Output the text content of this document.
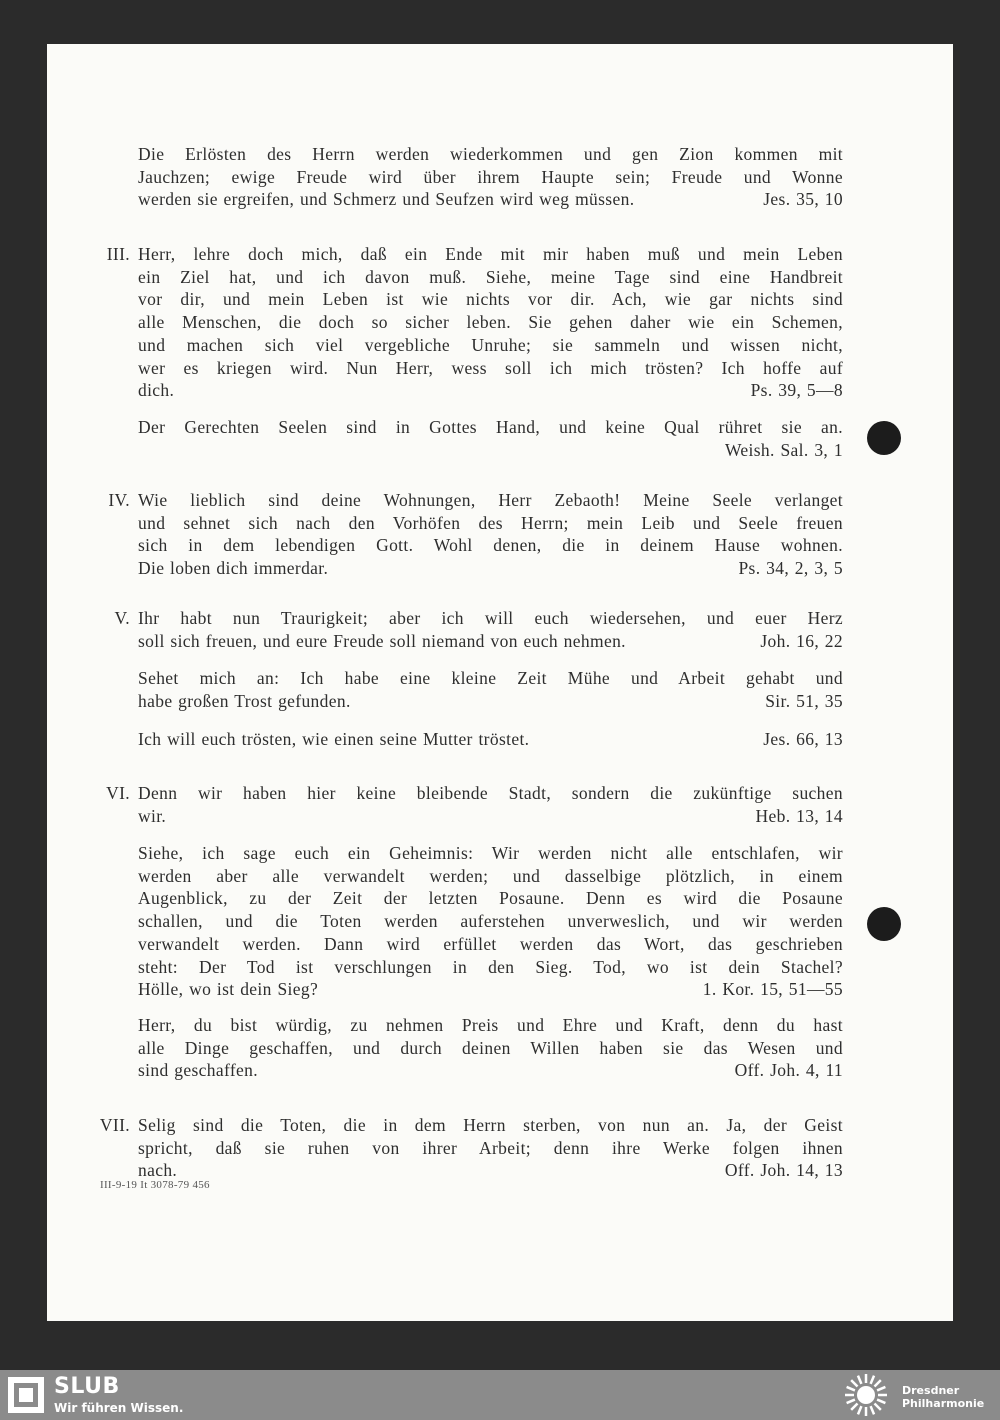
Die Erlösten des Herrn werden wiederkommen und gen Zion kommen mit
Jauchzen; ewige Freude wird über ihrem Haupte sein; Freude und Wonne
werden sie ergreifen, und Schmerz und Seufzen wird weg müssen.	Jes. 35, 10
III. Herr, lehre doch mich, daß ein Ende mit mir haben muß und mein Leben
ein Ziel hat, und ich davon muß. Siehe, meine Tage sind eine Handbreit
vor dir, und mein Leben ist wie nichts vor dir. Ach, wie gar nichts sind
alle Menschen, die doch so sicher leben. Sie gehen daher wie ein Schemen,
und machen sich viel vergebliche Unruhe; sie sammeln und wissen nicht,
wer es kriegen wird. Nun Herr, wess soll ich mich trösten? Ich hoffe auf
dich.	Ps. 39, 5—8
Der Gerechten Seelen sind in Gottes Hand, und keine Qual rühret sie an.
Weish. Sal. 3, 1
IV. Wie lieblich sind deine Wohnungen, Herr Zebaoth! Meine Seele verlanget
und sehnet sich nach den Vorhöfen des Herrn; mein Leib und Seele freuen
sich in dem lebendigen Gott. Wohl denen, die in deinem Hause wohnen.
Die loben dich immerdar.	Ps. 34, 2, 3, 5
V. Ihr habt nun Traurigkeit; aber ich will euch wiedersehen, und euer Herz
soll sich freuen, und eure Freude soll niemand von euch nehmen.	Joh. 16, 22
Sehet mich an: Ich habe eine kleine Zeit Mühe und Arbeit gehabt und
habe großen Trost gefunden.	Sir. 51, 35
Ich will euch trösten, wie einen seine Mutter tröstet.	Jes. 66, 13
VI. Denn wir haben hier keine bleibende Stadt, sondern die zukünftige suchen
wir.	Heb. 13, 14
Siehe, ich sage euch ein Geheimnis: Wir werden nicht alle entschlafen, wir
werden aber alle verwandelt werden; und dasselbige plötzlich, in einem
Augenblick, zu der Zeit der letzten Posaune. Denn es wird die Posaune
schallen, und die Toten werden auferstehen unverweslich, und wir werden
verwandelt werden. Dann wird erfüllet werden das Wort, das geschrieben
steht: Der Tod ist verschlungen in den Sieg. Tod, wo ist dein Stachel?
Hölle, wo ist dein Sieg?	1. Kor. 15, 51—55
Herr, du bist würdig, zu nehmen Preis und Ehre und Kraft, denn du hast
alle Dinge geschaffen, und durch deinen Willen haben sie das Wesen und
sind geschaffen.	Off. Joh. 4, 11
VII. Selig sind die Toten, die in dem Herrn sterben, von nun an. Ja, der Geist
spricht, daß sie ruhen von ihrer Arbeit; denn ihre Werke folgen ihnen
nach.	Off. Joh. 14, 13
III-9-19 It 3078-79 456
SLUB
Wir führen Wissen.
Dresdner
Philharmonie
